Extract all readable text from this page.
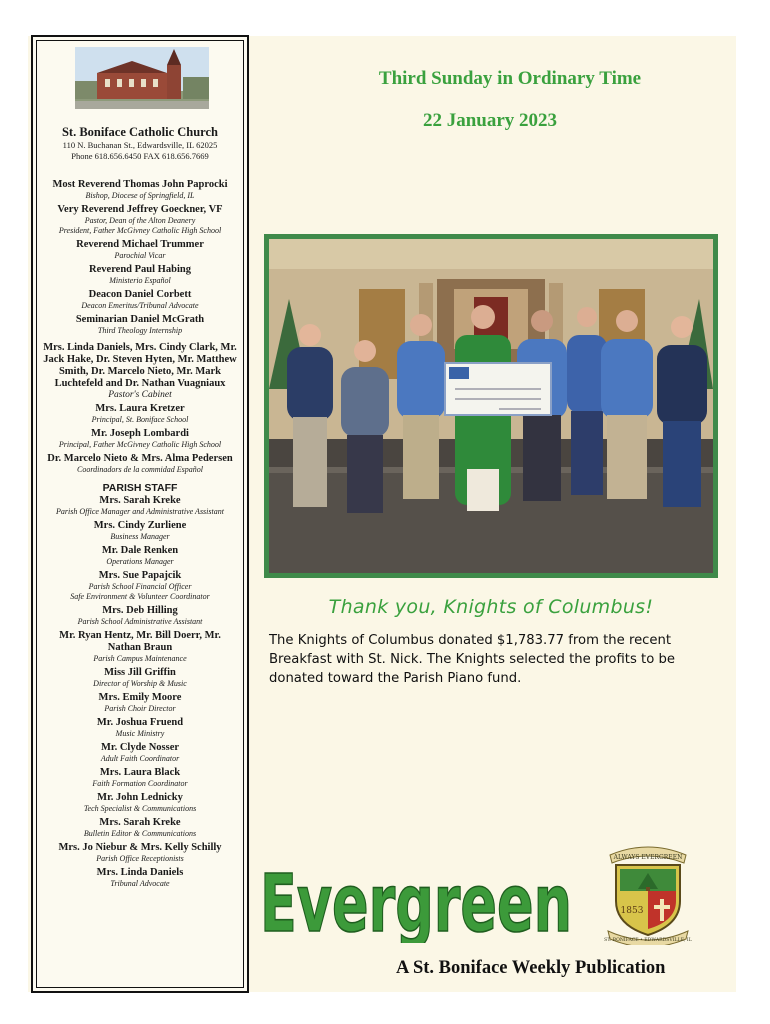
St. Boniface Catholic Church
110 N. Buchanan St., Edwardsville, IL 62025
Phone 618.656.6450 FAX 618.656.7669
Most Reverend Thomas John Paprocki
Bishop, Diocese of Springfield, IL
Very Reverend Jeffrey Goeckner, VF
Pastor, Dean of the Alton Deanery
President, Father McGivney Catholic High School
Reverend Michael Trummer
Parochial Vicar
Reverend Paul Habing
Ministerio Español
Deacon Daniel Corbett
Deacon Emeritus/Tribunal Advocate
Seminarian Daniel McGrath
Third Theology Internship
Mrs. Linda Daniels, Mrs. Cindy Clark, Mr. Jack Hake, Dr. Steven Hyten, Mr. Matthew Smith, Dr. Marcelo Nieto, Mr. Mark Luchtefeld and Dr. Nathan Vuagniaux
Pastor's Cabinet
Mrs. Laura Kretzer
Principal, St. Boniface School
Mr. Joseph Lombardi
Principal, Father McGivney Catholic High School
Dr. Marcelo Nieto & Mrs. Alma Pedersen
Coordinadors de la commidad Español
PARISH STAFF
Mrs. Sarah Kreke
Parish Office Manager and Administrative Assistant
Mrs. Cindy Zurliene
Business Manager
Mr. Dale Renken
Operations Manager
Mrs. Sue Papajcik
Parish School Financial Officer
Safe Environment & Volunteer Coordinator
Mrs. Deb Hilling
Parish School Administrative Assistant
Mr. Ryan Hentz, Mr. Bill Doerr, Mr. Nathan Braun
Parish Campus Maintenance
Miss Jill Griffin
Director of Worship & Music
Mrs. Emily Moore
Parish Choir Director
Mr. Joshua Fruend
Music Ministry
Mr. Clyde Nosser
Adult Faith Coordinator
Mrs. Laura Black
Faith Formation Coordinator
Mr. John Lednicky
Tech Specialist & Communications
Mrs. Sarah Kreke
Bulletin Editor & Communications
Mrs. Jo Niebur & Mrs. Kelly Schilly
Parish Office Receptionists
Mrs. Linda Daniels
Tribunal Advocate
Third Sunday in Ordinary Time
22 January 2023
Thank you, Knights of Columbus!
The Knights of Columbus donated $1,783.77 from the recent Breakfast with St. Nick. The Knights selected the profits to be donated toward the Parish Piano fund.
Evergreen
ALWAYS EVERGREEN
1853
ST. BONIFACE • EDWARDSVILLE, IL
A St. Boniface Weekly Publication
